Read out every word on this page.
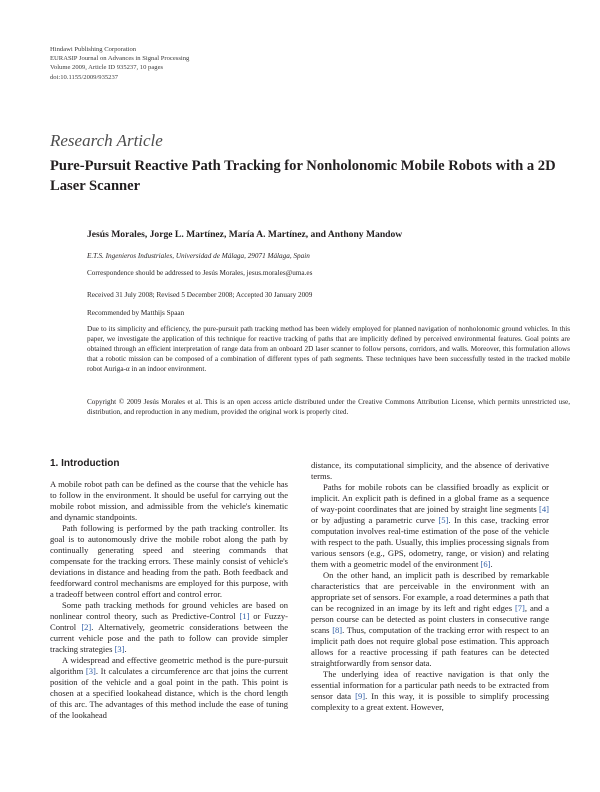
Hindawi Publishing Corporation
EURASIP Journal on Advances in Signal Processing
Volume 2009, Article ID 935237, 10 pages
doi:10.1155/2009/935237
Research Article
Pure-Pursuit Reactive Path Tracking for Nonholonomic Mobile Robots with a 2D Laser Scanner
Jesús Morales, Jorge L. Martínez, María A. Martínez, and Anthony Mandow
E.T.S. Ingenieros Industriales, Universidad de Málaga, 29071 Málaga, Spain
Correspondence should be addressed to Jesús Morales, jesus.morales@uma.es
Received 31 July 2008; Revised 5 December 2008; Accepted 30 January 2009
Recommended by Matthijs Spaan
Due to its simplicity and efficiency, the pure-pursuit path tracking method has been widely employed for planned navigation of nonholonomic ground vehicles. In this paper, we investigate the application of this technique for reactive tracking of paths that are implicitly defined by perceived environmental features. Goal points are obtained through an efficient interpretation of range data from an onboard 2D laser scanner to follow persons, corridors, and walls. Moreover, this formulation allows that a robotic mission can be composed of a combination of different types of path segments. These techniques have been successfully tested in the tracked mobile robot Auriga-α in an indoor environment.
Copyright © 2009 Jesús Morales et al. This is an open access article distributed under the Creative Commons Attribution License, which permits unrestricted use, distribution, and reproduction in any medium, provided the original work is properly cited.
1. Introduction

A mobile robot path can be defined as the course that the vehicle has to follow in the environment. It should be useful for carrying out the mobile robot mission, and admissible from the vehicle's kinematic and dynamic standpoints.

Path following is performed by the path tracking controller. Its goal is to autonomously drive the mobile robot along the path by continually generating speed and steering commands that compensate for the tracking errors. These mainly consist of vehicle's deviations in distance and heading from the path. Both feedback and feedforward control mechanisms are employed for this purpose, with a tradeoff between control effort and control error.

Some path tracking methods for ground vehicles are based on nonlinear control theory, such as Predictive-Control [1] or Fuzzy-Control [2]. Alternatively, geometric considerations between the current vehicle pose and the path to follow can provide simpler tracking strategies [3].

A widespread and effective geometric method is the pure-pursuit algorithm [3]. It calculates a circumference arc that joins the current position of the vehicle and a goal point in the path. This point is chosen at a specified lookahead distance, which is the chord length of this arc. The advantages of this method include the ease of tuning of the lookahead

distance, its computational simplicity, and the absence of derivative terms.

Paths for mobile robots can be classified broadly as explicit or implicit. An explicit path is defined in a global frame as a sequence of way-point coordinates that are joined by straight line segments [4] or by adjusting a parametric curve [5]. In this case, tracking error computation involves real-time estimation of the pose of the vehicle with respect to the path. Usually, this implies processing signals from various sensors (e.g., GPS, odometry, range, or vision) and relating them with a geometric model of the environment [6].

On the other hand, an implicit path is described by remarkable characteristics that are perceivable in the environment with an appropriate set of sensors. For example, a road determines a path that can be recognized in an image by its left and right edges [7], and a person course can be detected as point clusters in consecutive range scans [8]. Thus, computation of the tracking error with respect to an implicit path does not require global pose estimation. This approach allows for a reactive processing if path features can be detected straightforwardly from sensor data.

The underlying idea of reactive navigation is that only the essential information for a particular path needs to be extracted from sensor data [9]. In this way, it is possible to simplify processing complexity to a great extent. However,
